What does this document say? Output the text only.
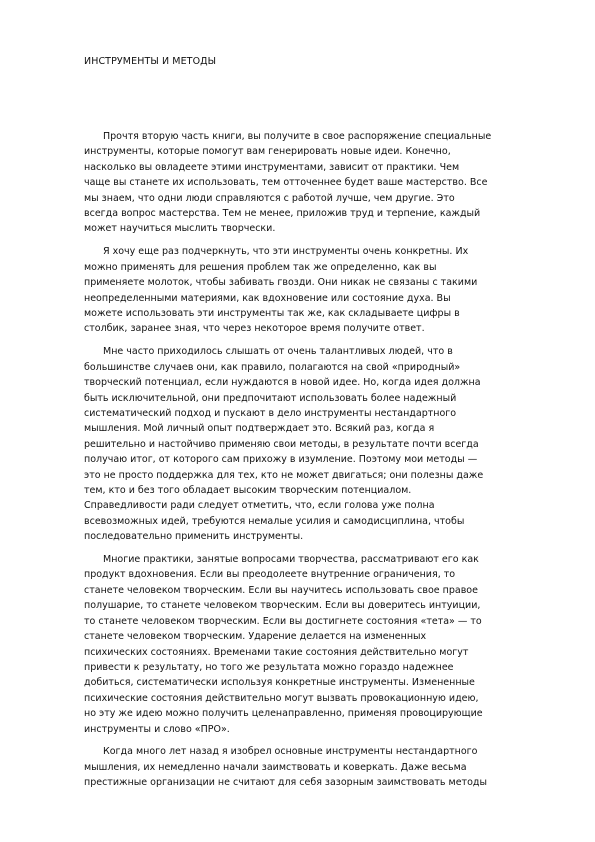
ИНСТРУМЕНТЫ И МЕТОДЫ
Прочтя вторую часть книги, вы получите в свое распоряжение специальные
инструменты, которые помогут вам генерировать новые идеи. Конечно,
насколько вы овладеете этими инструментами, зависит от практики. Чем
чаще вы станете их использовать, тем отточеннее будет ваше мастерство. Все
мы знаем, что одни люди справляются с работой лучше, чем другие. Это
всегда вопрос мастерства. Тем не менее, приложив труд и терпение, каждый
может научиться мыслить творчески.
Я хочу еще раз подчеркнуть, что эти инструменты очень конкретны. Их
можно применять для решения проблем так же определенно, как вы
применяете молоток, чтобы забивать гвозди. Они никак не связаны с такими
неопределенными материями, как вдохновение или состояние духа. Вы
можете использовать эти инструменты так же, как складываете цифры в
столбик, заранее зная, что через некоторое время получите ответ.
Мне часто приходилось слышать от очень талантливых людей, что в
большинстве случаев они, как правило, полагаются на свой «природный»
творческий потенциал, если нуждаются в новой идее. Но, когда идея должна
быть исключительной, они предпочитают использовать более надежный
систематический подход и пускают в дело инструменты нестандартного
мышления. Мой личный опыт подтверждает это. Всякий раз, когда я
решительно и настойчиво применяю свои методы, в результате почти всегда
получаю итог, от которого сам прихожу в изумление. Поэтому мои методы —
это не просто поддержка для тех, кто не может двигаться; они полезны даже
тем, кто и без того обладает высоким творческим потенциалом.
Справедливости ради следует отметить, что, если голова уже полна
всевозможных идей, требуются немалые усилия и самодисциплина, чтобы
последовательно применить инструменты.
Многие практики, занятые вопросами творчества, рассматривают его как
продукт вдохновения. Если вы преодолеете внутренние ограничения, то
станете человеком творческим. Если вы научитесь использовать свое правое
полушарие, то станете человеком творческим. Если вы доверитесь интуиции,
то станете человеком творческим. Если вы достигнете состояния «тета» — то
станете человеком творческим. Ударение делается на измененных
психических состояниях. Временами такие состояния действительно могут
привести к результату, но того же результата можно гораздо надежнее
добиться, систематически используя конкретные инструменты. Измененные
психические состояния действительно могут вызвать провокационную идею,
но эту же идею можно получить целенаправленно, применяя провоцирующие
инструменты и слово «ПРО».
Когда много лет назад я изобрел основные инструменты нестандартного
мышления, их немедленно начали заимствовать и коверкать. Даже весьма
престижные организации не считают для себя зазорным заимствовать методы
